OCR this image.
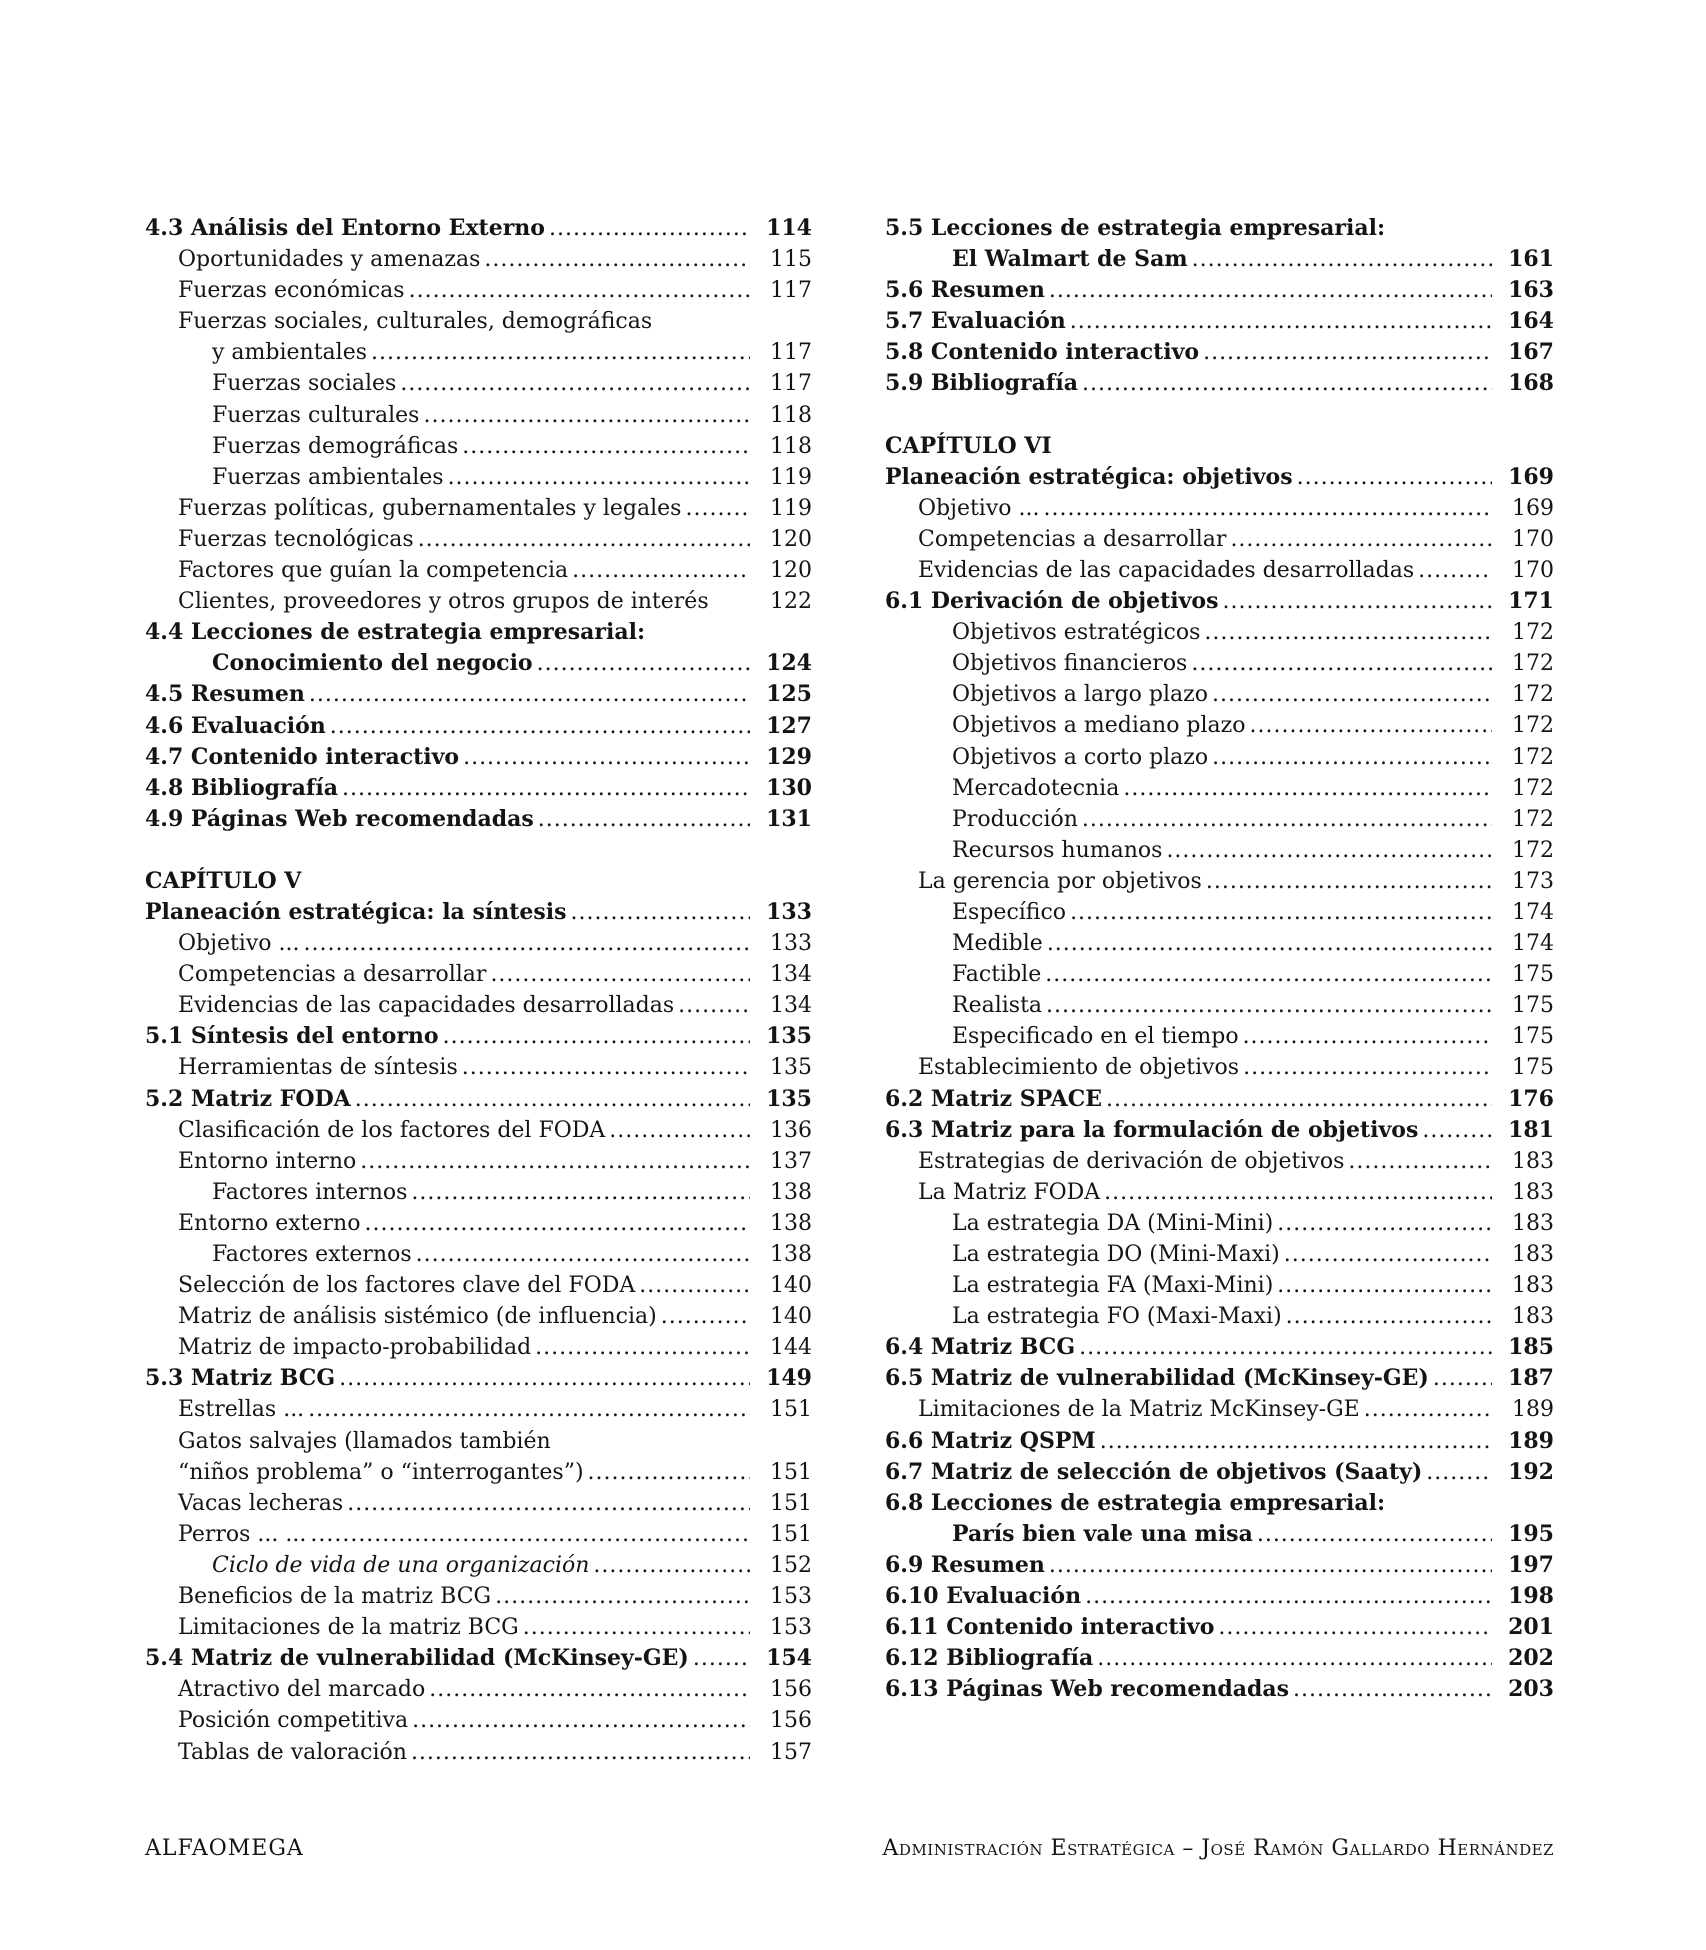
4.3 Análisis del Entorno Externo .....	114
Oportunidades y amenazas .....	115
Fuerzas económicas .....	117
Fuerzas sociales, culturales, demográficas
y ambientales .....	117
Fuerzas sociales .....	117
Fuerzas culturales .....	118
Fuerzas demográficas .....	118
Fuerzas ambientales .....	119
Fuerzas políticas, gubernamentales y legales .....	119
Fuerzas tecnológicas .....	120
Factores que guían la competencia .....	120
Clientes, proveedores y otros grupos de interés	122
4.4 Lecciones de estrategia empresarial:
Conocimiento del negocio .....	124
4.5 Resumen .....	125
4.6 Evaluación .....	127
4.7 Contenido interactivo .....	129
4.8 Bibliografía .....	130
4.9 Páginas Web recomendadas .....	131
CAPÍTULO V
Planeación estratégica: la síntesis .....	133
Objetivo ... .....	133
Competencias a desarrollar .....	134
Evidencias de las capacidades desarrolladas .....	134
5.1 Síntesis del entorno .....	135
Herramientas de síntesis .....	135
5.2 Matriz FODA .....	135
Clasificación de los factores del FODA .....	136
Entorno interno .....	137
Factores internos .....	138
Entorno externo .....	138
Factores externos .....	138
Selección de los factores clave del FODA .....	140
Matriz de análisis sistémico (de influencia) .....	140
Matriz de impacto-probabilidad .....	144
5.3 Matriz BCG .....	149
Estrellas ... .....	151
Gatos salvajes (llamados también
“niños problema” o “interrogantes”) .....	151
Vacas lecheras .....	151
Perros ... ... .....	151
Ciclo de vida de una organización .....	152
Beneficios de la matriz BCG .....	153
Limitaciones de la matriz BCG .....	153
5.4 Matriz de vulnerabilidad (McKinsey-GE) .....	154
Atractivo del marcado .....	156
Posición competitiva .....	156
Tablas de valoración .....	157
5.5 Lecciones de estrategia empresarial:
El Walmart de Sam .....	161
5.6 Resumen .....	163
5.7 Evaluación .....	164
5.8 Contenido interactivo .....	167
5.9 Bibliografía .....	168
CAPÍTULO VI
Planeación estratégica: objetivos .....	169
Objetivo ... .....	169
Competencias a desarrollar .....	170
Evidencias de las capacidades desarrolladas .....	170
6.1 Derivación de objetivos .....	171
Objetivos estratégicos .....	172
Objetivos financieros .....	172
Objetivos a largo plazo .....	172
Objetivos a mediano plazo .....	172
Objetivos a corto plazo .....	172
Mercadotecnia .....	172
Producción .....	172
Recursos humanos .....	172
La gerencia por objetivos .....	173
Específico .....	174
Medible .....	174
Factible .....	175
Realista .....	175
Especificado en el tiempo .....	175
Establecimiento de objetivos .....	175
6.2 Matriz SPACE .....	176
6.3 Matriz para la formulación de objetivos .....	181
Estrategias de derivación de objetivos .....	183
La Matriz FODA .....	183
La estrategia DA (Mini-Mini) .....	183
La estrategia DO (Mini-Maxi) .....	183
La estrategia FA (Maxi-Mini) .....	183
La estrategia FO (Maxi-Maxi) .....	183
6.4 Matriz BCG .....	185
6.5 Matriz de vulnerabilidad (McKinsey-GE) .....	187
Limitaciones de la Matriz McKinsey-GE .....	189
6.6 Matriz QSPM .....	189
6.7 Matriz de selección de objetivos (Saaty) .....	192
6.8 Lecciones de estrategia empresarial:
París bien vale una misa .....	195
6.9 Resumen .....	197
6.10 Evaluación .....	198
6.11 Contenido interactivo .....	201
6.12 Bibliografía .....	202
6.13 Páginas Web recomendadas .....	203
ALFAOMEGA	Administración Estratégica – José Ramón Gallardo Hernández
